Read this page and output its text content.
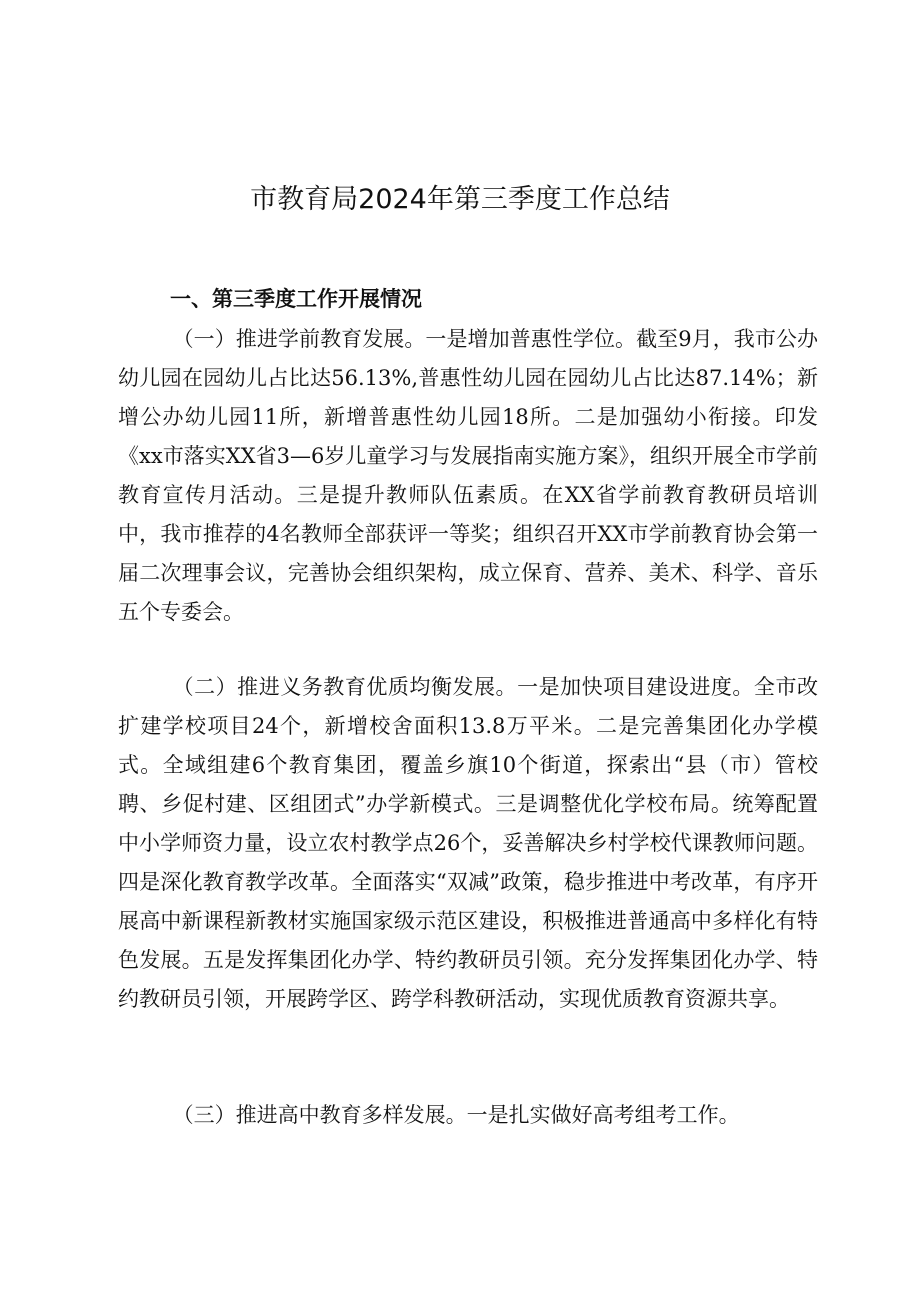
市教育局2024年第三季度工作总结
一、第三季度工作开展情况

（一）推进学前教育发展。一是增加普惠性学位。截至9月，我市公办幼儿园在园幼儿占比达56.13%,普惠性幼儿园在园幼儿占比达87.14%；新增公办幼儿园11所，新增普惠性幼儿园18所。二是加强幼小衔接。印发《xx市落实XX省3—6岁儿童学习与发展指南实施方案》，组织开展全市学前教育宣传月活动。三是提升教师队伍素质。在XX省学前教育教研员培训中，我市推荐的4名教师全部获评一等奖；组织召开XX市学前教育协会第一届二次理事会议，完善协会组织架构，成立保育、营养、美术、科学、音乐五个专委会。

（二）推进义务教育优质均衡发展。一是加快项目建设进度。全市改扩建学校项目24个，新增校舍面积13.8万平米。二是完善集团化办学模式。全域组建6个教育集团，覆盖乡旗10个街道，探索出“县（市）管校聘、乡促村建、区组团式”办学新模式。三是调整优化学校布局。统筹配置中小学师资力量，设立农村教学点26个，妥善解决乡村学校代课教师问题。四是深化教育教学改革。全面落实“双减”政策，稳步推进中考改革，有序开展高中新课程新教材实施国家级示范区建设，积极推进普通高中多样化有特色发展。五是发挥集团化办学、特约教研员引领。充分发挥集团化办学、特约教研员引领，开展跨学区、跨学科教研活动，实现优质教育资源共享。

（三）推进高中教育多样发展。一是扎实做好高考组考工作。
